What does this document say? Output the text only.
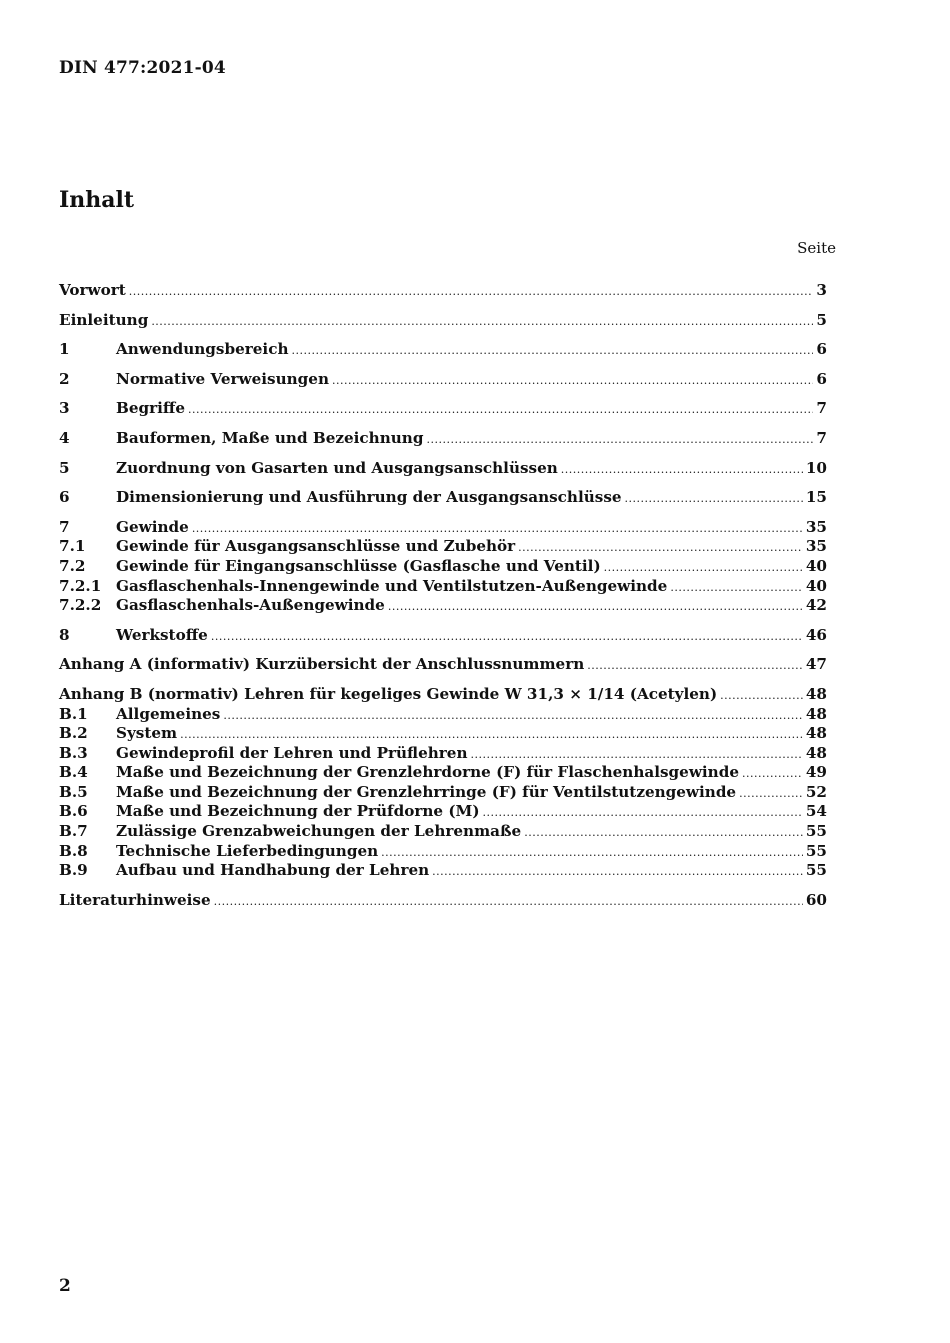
DIN 477:2021-04
Inhalt
Seite
Vorwort .....	3
Einleitung .....	5
1	Anwendungsbereich .....	6
2	Normative Verweisungen .....	6
3	Begriffe .....	7
4	Bauformen, Maße und Bezeichnung .....	7
5	Zuordnung von Gasarten und Ausgangsanschlüssen .....	10
6	Dimensionierung und Ausführung der Ausgangsanschlüsse .....	15
7	Gewinde .....	35
7.1	Gewinde für Ausgangsanschlüsse und Zubehör .....	35
7.2	Gewinde für Eingangsanschlüsse (Gasflasche und Ventil) .....	40
7.2.1 Gasflaschenhals-Innengewinde und Ventilstutzen-Außengewinde .....	40
7.2.2 Gasflaschenhals-Außengewinde .....	42
8	Werkstoffe .....	46
Anhang A (informativ) Kurzübersicht der Anschlussnummern .....	47
Anhang B (normativ) Lehren für kegeliges Gewinde W 31,3 × 1/14 (Acetylen) .....	48
B.1	Allgemeines .....	48
B.2	System .....	48
B.3	Gewindeprofil der Lehren und Prüflehren .....	48
B.4	Maße und Bezeichnung der Grenzlehrdorne (F) für Flaschenhalsgewinde .....	49
B.5	Maße und Bezeichnung der Grenzlehrringe (F) für Ventilstutzengewinde .....	52
B.6	Maße und Bezeichnung der Prüfdorne (M) .....	54
B.7	Zulässige Grenzabweichungen der Lehrenmaße .....	55
B.8	Technische Lieferbedingungen .....	55
B.9	Aufbau und Handhabung der Lehren .....	55
Literaturhinweise .....	60
2
